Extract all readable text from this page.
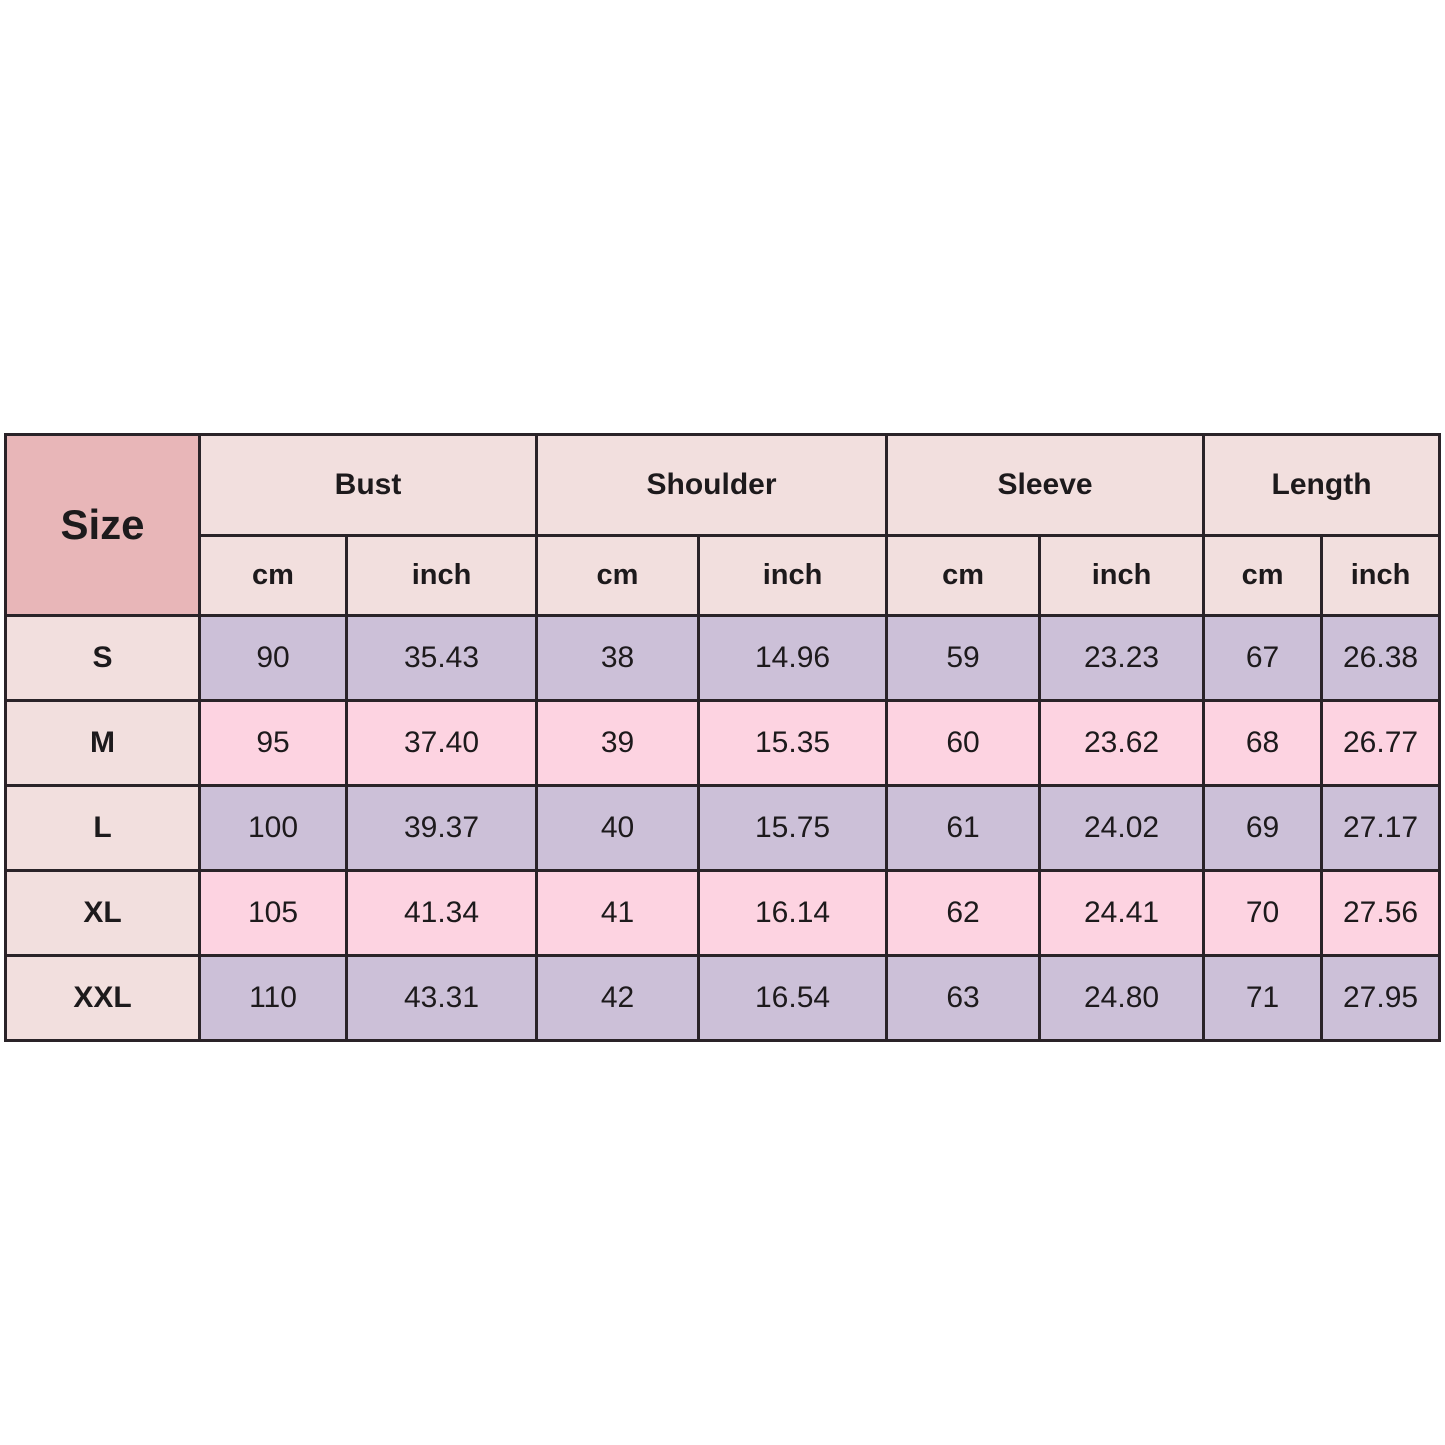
Size	Bust		Shoulder		Sleeve		Length	
	cm	inch	cm	inch	cm	inch	cm	inch
S	90	35.43	38	14.96	59	23.23	67	26.38
M	95	37.40	39	15.35	60	23.62	68	26.77
L	100	39.37	40	15.75	61	24.02	69	27.17
XL	105	41.34	41	16.14	62	24.41	70	27.56
XXL	110	43.31	42	16.54	63	24.80	71	27.95
